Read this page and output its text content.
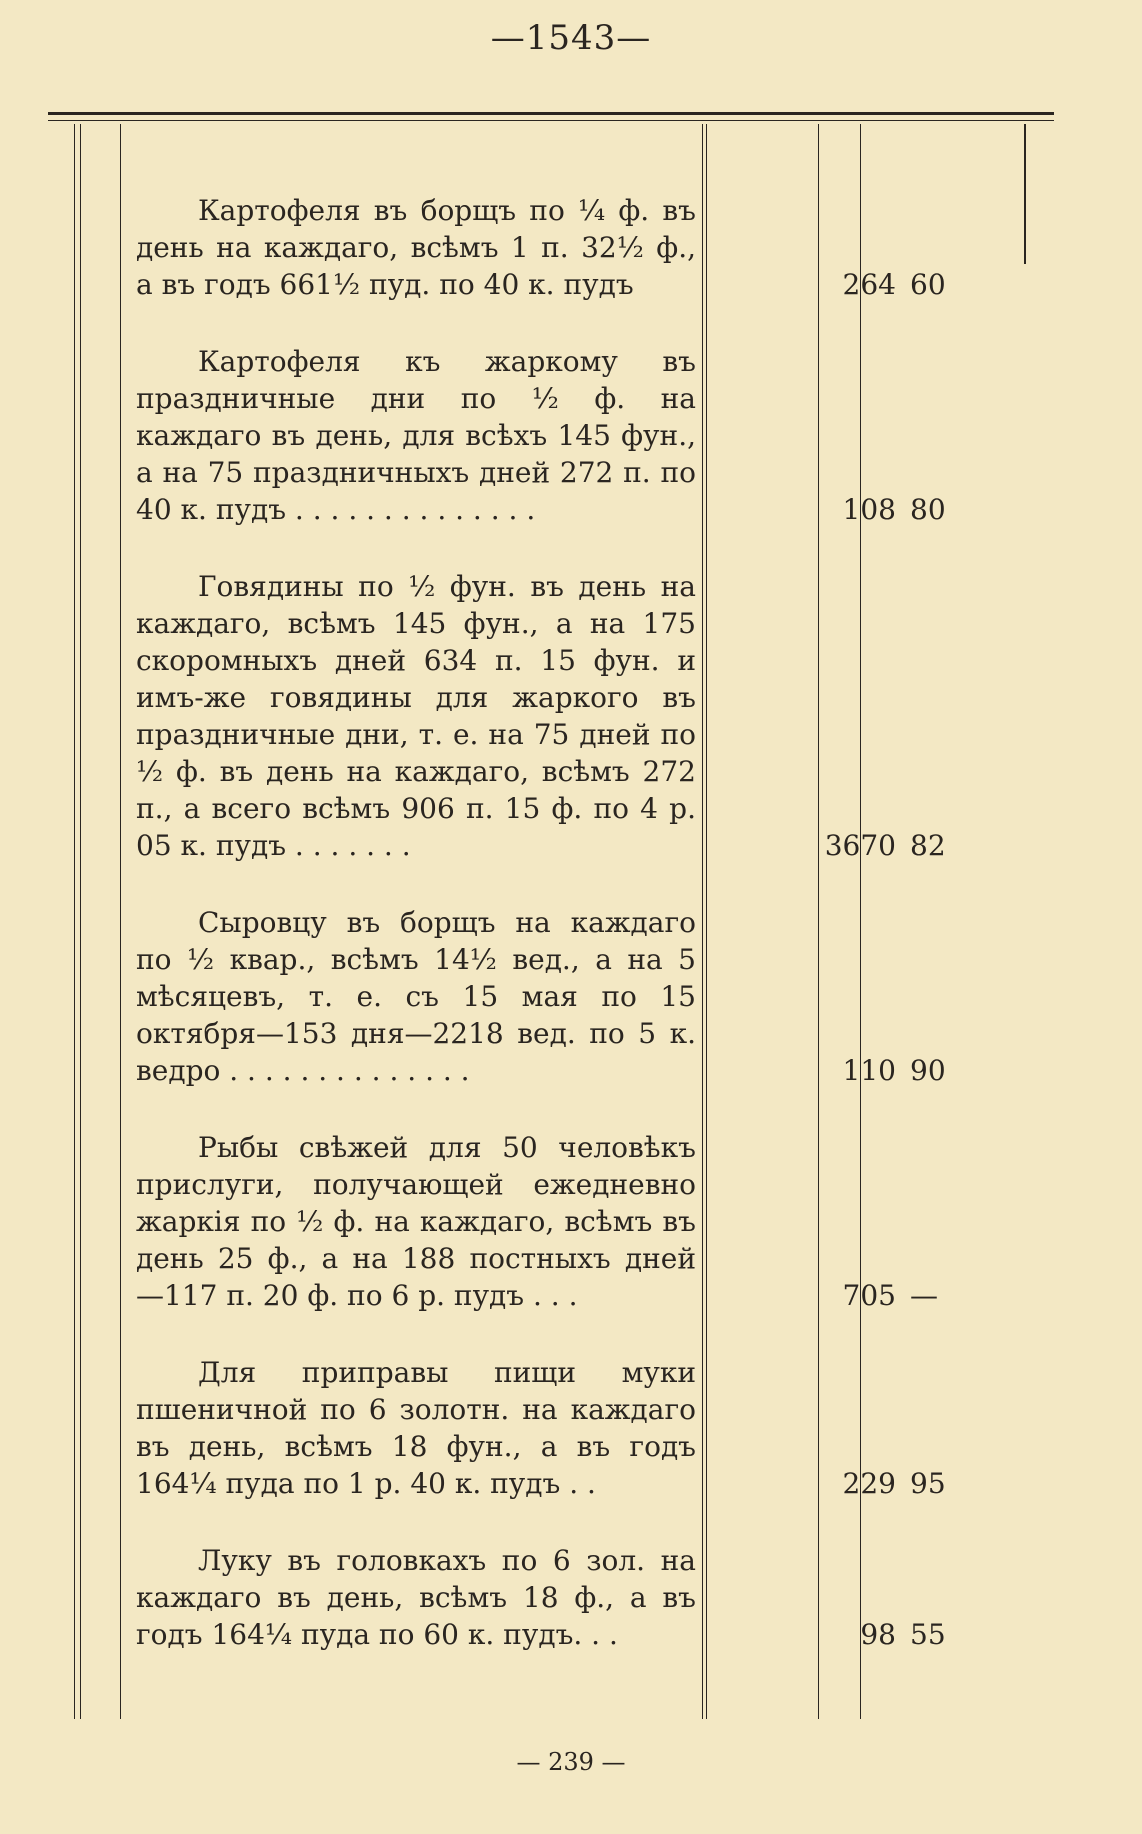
—1543—
Картофеля въ борщъ по ¼ ф. въ день на каждаго, всѣмъ 1 п. 32½ ф., а въ годъ 661½ пуд. по 40 к. пудъ	264 60
Картофеля къ жаркому въ праздничные дни по ½ ф. на каждаго въ день, для всѣхъ 145 фун., а на 75 праздничныхъ дней 272 п. по 40 к. пудъ . . . . . . . . . . . . . .	108 80
Говядины по ½ фун. въ день на каждаго, всѣмъ 145 фун., а на 175 скоромныхъ дней 634 п. 15 фун. и имъ-же говядины для жаркого въ праздничные дни, т. е. на 75 дней по ½ ф. въ день на каждаго, всѣмъ 272 п., а всего всѣмъ 906 п. 15 ф. по 4 р. 05 к. пудъ . . . . . . .	3670 82
Сыровцу въ борщъ на каждаго по ½ квар., всѣмъ 14½ вед., а на 5 мѣсяцевъ, т. е. съ 15 мая по 15 октября—153 дня—2218 вед. по 5 к. ведро . . . . . . . . . . . . . .	110 90
Рыбы свѣжей для 50 человѣкъ прислуги, получающей ежедневно жаркія по ½ ф. на каждаго, всѣмъ въ день 25 ф., а на 188 постныхъ дней —117 п. 20 ф. по 6 р. пудъ . . .	705 —
Для приправы пищи муки пшеничной по 6 золотн. на каждаго въ день, всѣмъ 18 фун., а въ годъ 164¼ пуда по 1 р. 40 к. пудъ . .	229 95
Луку въ головкахъ по 6 зол. на каждаго въ день, всѣмъ 18 ф., а въ годъ 164¼ пуда по 60 к. пудъ. . .	98 55
— 239 —
